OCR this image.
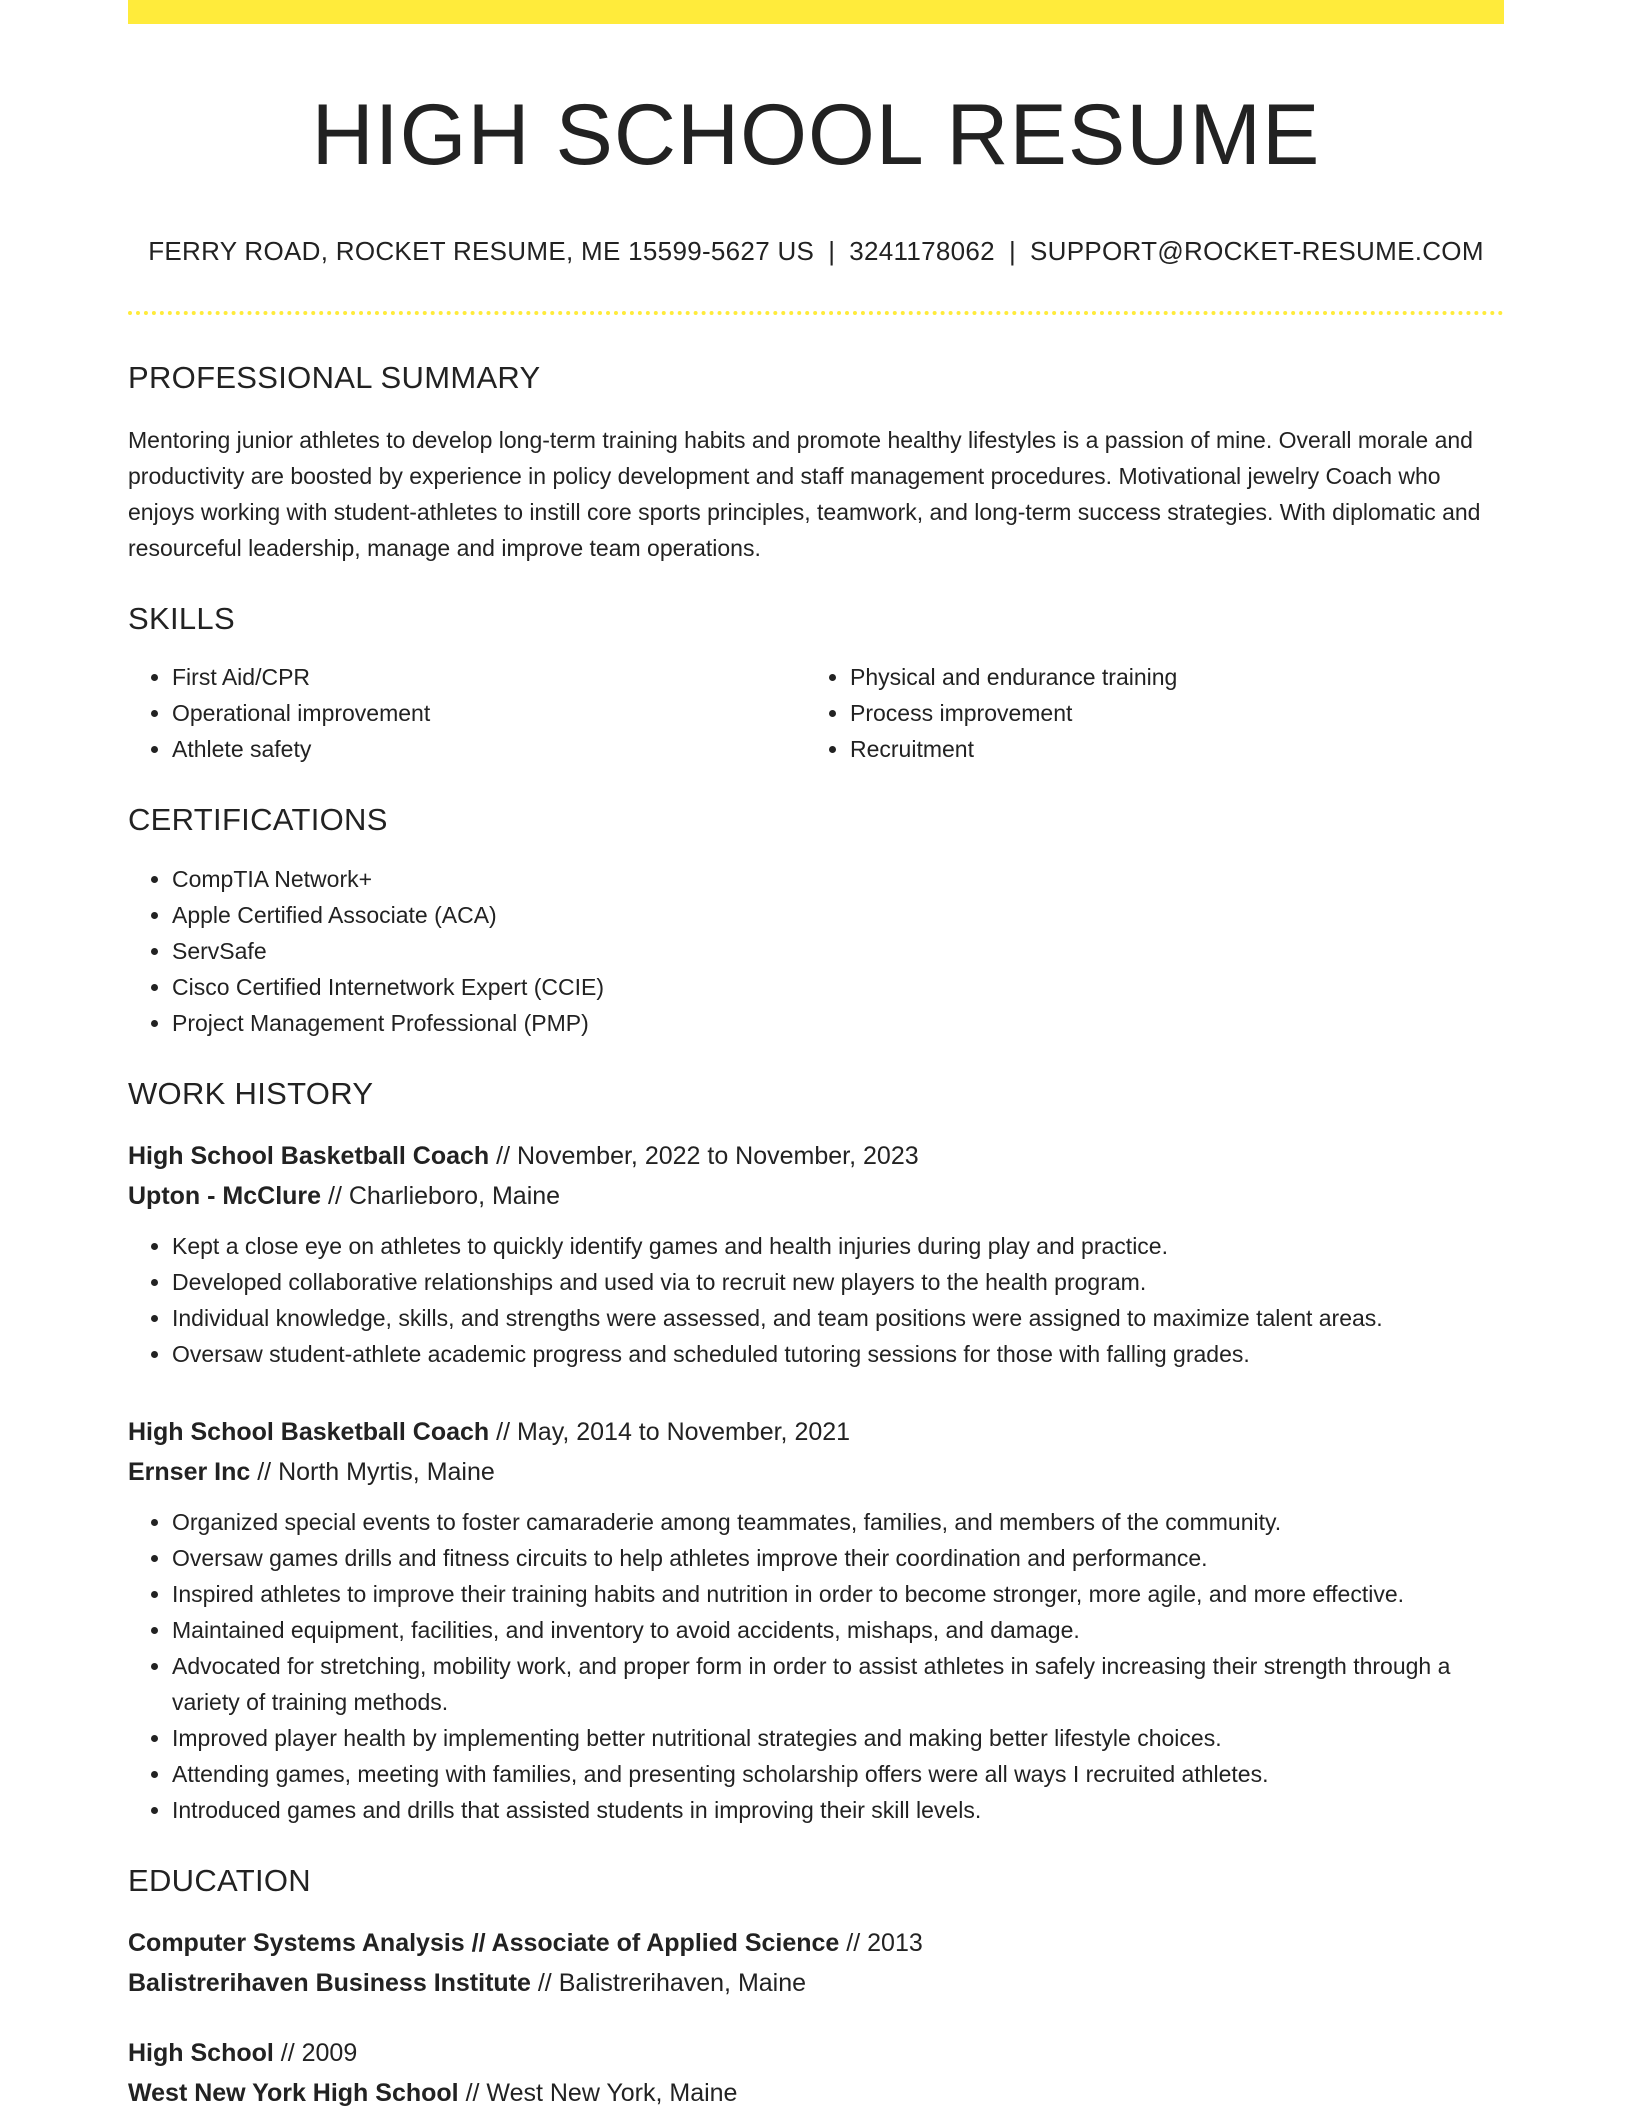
HIGH SCHOOL RESUME
FERRY ROAD, ROCKET RESUME, ME 15599-5627 US | 3241178062 | SUPPORT@ROCKET-RESUME.COM
PROFESSIONAL SUMMARY
Mentoring junior athletes to develop long-term training habits and promote healthy lifestyles is a passion of mine. Overall morale and productivity are boosted by experience in policy development and staff management procedures. Motivational jewelry Coach who enjoys working with student-athletes to instill core sports principles, teamwork, and long-term success strategies. With diplomatic and resourceful leadership, manage and improve team operations.
SKILLS
• First Aid/CPR
• Operational improvement
• Athlete safety
• Physical and endurance training
• Process improvement
• Recruitment
CERTIFICATIONS
• CompTIA Network+
• Apple Certified Associate (ACA)
• ServSafe
• Cisco Certified Internetwork Expert (CCIE)
• Project Management Professional (PMP)
WORK HISTORY
High School Basketball Coach // November, 2022 to November, 2023
Upton - McClure // Charlieboro, Maine
• Kept a close eye on athletes to quickly identify games and health injuries during play and practice.
• Developed collaborative relationships and used via to recruit new players to the health program.
• Individual knowledge, skills, and strengths were assessed, and team positions were assigned to maximize talent areas.
• Oversaw student-athlete academic progress and scheduled tutoring sessions for those with falling grades.
High School Basketball Coach // May, 2014 to November, 2021
Ernser Inc // North Myrtis, Maine
• Organized special events to foster camaraderie among teammates, families, and members of the community.
• Oversaw games drills and fitness circuits to help athletes improve their coordination and performance.
• Inspired athletes to improve their training habits and nutrition in order to become stronger, more agile, and more effective.
• Maintained equipment, facilities, and inventory to avoid accidents, mishaps, and damage.
• Advocated for stretching, mobility work, and proper form in order to assist athletes in safely increasing their strength through a variety of training methods.
• Improved player health by implementing better nutritional strategies and making better lifestyle choices.
• Attending games, meeting with families, and presenting scholarship offers were all ways I recruited athletes.
• Introduced games and drills that assisted students in improving their skill levels.
EDUCATION
Computer Systems Analysis // Associate of Applied Science // 2013
Balistrerihaven Business Institute // Balistrerihaven, Maine
High School // 2009
West New York High School // West New York, Maine
